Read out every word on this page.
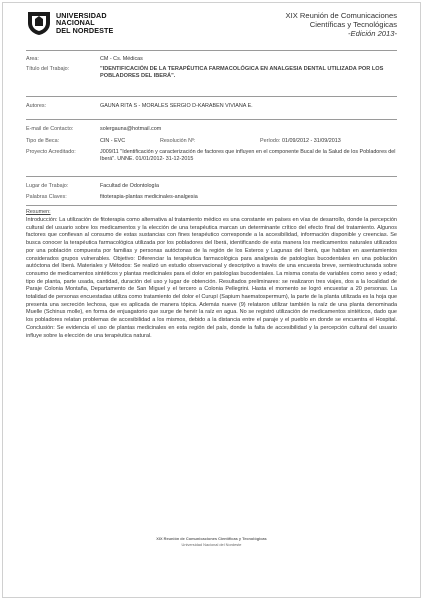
UNIVERSIDAD
NACIONAL
DEL NORDESTE
XIX Reunión de Comunicaciones
Científicas y Tecnológicas
-Edición 2013-
Area:	CM - Cs. Médicas
Título del Trabajo:	"IDENTIFICACIÓN DE LA TERAPÉUTICA FARMACOLÓGICA EN ANALGESIA DENTAL UTILIZADA POR LOS POBLADORES DEL IBERÁ".
Autores:	GAUNA RITA S - MORALES SERGIO D-KARABEN VIVIANA E.
E-mail de Contacto:	solergauna@hotmail.com
Tipo de Beca:	CIN - EVC	Resolución Nº:	Período: 01/09/2012 - 31/09/2013
Proyecto Acreditado:	J009/11 "Identificación y caracterización de factores que influyen en el componente Bucal de la Salud de los Pobladores del Iberá". UNNE. 01/01/2012- 31-12-2015
Lugar de Trabajo:	Facultad de Odontología
Palabras Claves:	fitoterapia-plantas medicinales-analgesia
Resumen:

Introducción: La utilización de fitoterapia como alternativa al tratamiento médico es una constante en países en vías de desarrollo, donde la percepción cultural del usuario sobre los medicamentos y la elección de una terapéutica marcan un determinante crítico del efecto final del tratamiento. Algunos factores que confievan al consumo de estas sustancias con fines terapéutico corresponde a la accesibilidad, información disponible y creencias. Se busca conocer la terapéutica farmacológica utilizada por los pobladores del Iberá, identificando de esta manera los medicamentos naturales utilizados por una población compuesta por familias y personas autóctonas de la región de los Esteros y Lagunas del Iberá, que habitan en asentamientos considerados grupos vulnerables. Objetivo: Diferenciar la terapéutica farmacológica para analgesia de patologías bucodentales en una población autóctona del Iberá. Materiales y Métodos: Se realizó un estudio observacional y descriptivo a través de una encuesta breve, semiestructurada sobre consumo de medicamentos sintéticos y plantas medicinales para el dolor en patologías bucodentales. La misma consta de variables como sexo y edad; tipo de planta, parte usada, cantidad, duración del uso y lugar de obtención. Resultados preliminares: se realizaron tres viajes, dos a la localidad de Paraje Colonia Montaña, Departamento de San Miguel y el tercero a Colonia Pellegrini. Hasta el momento se logró encuestar a 20 personas. La totalidad de personas encuestadas utiliza como tratamiento del dolor el Curupí (Sapium haematospermum), la parte de la planta utilizada es la hoja que presenta una secreción lechosa, que es aplicada de manera tópica. Además nueve (9) relataron utilizar también la raíz de una planta denominada Muelle (Schinus molle), en forma de enjuagatorio que surge de hervir la raíz en agua. No se registró utilización de medicamentos sintéticos, dado que los pobladores relatan problemas de accesibilidad a los mismos, debido a la distancia entre el paraje y el pueblo en donde se encuentra el Hospital. Conclusión: Se evidencia el uso de plantas medicinales en esta región del país, donde la falta de accesibilidad y la percepción cultural del usuario influye sobre la elección de una terapéutica natural.

XIX Reunión de Comunicaciones Científicas y Tecnológicas
Universidad Nacional del Nordeste
